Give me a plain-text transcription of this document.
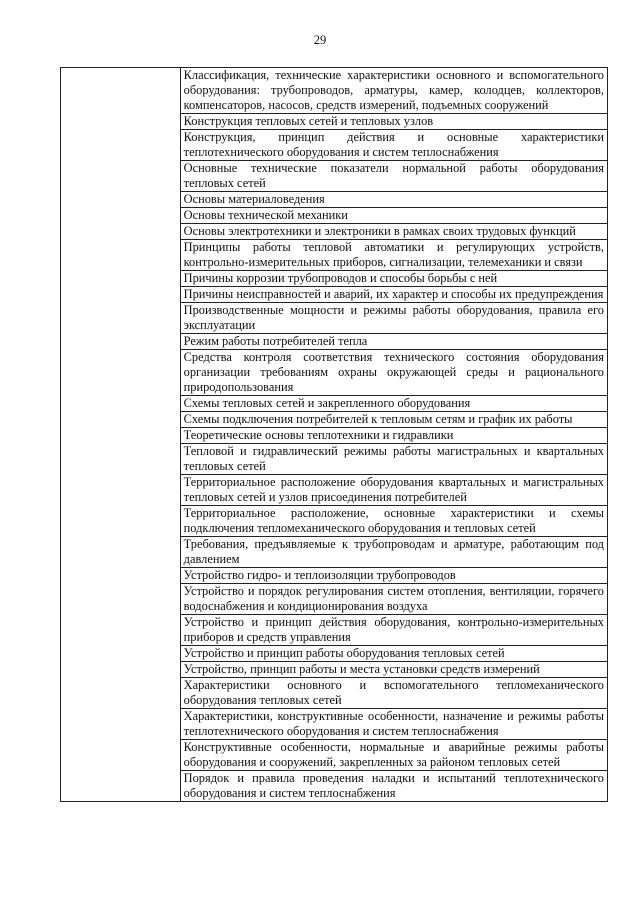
29
	Классификация, технические характеристики основного и вспомогательного оборудования: трубопроводов, арматуры, камер, колодцев, коллекторов, компенсаторов, насосов, средств измерений, подъемных сооружений
Конструкция тепловых сетей и тепловых узлов
Конструкция, принцип действия и основные характеристики теплотехнического оборудования и систем теплоснабжения
Основные технические показатели нормальной работы оборудования тепловых сетей
Основы материаловедения
Основы технической механики
Основы электротехники и электроники в рамках своих трудовых функций
Принципы работы тепловой автоматики и регулирующих устройств, контрольно-измерительных приборов, сигнализации, телемеханики и связи
Причины коррозии трубопроводов и способы борьбы с ней
Причины неисправностей и аварий, их характер и способы их предупреждения
Производственные мощности и режимы работы оборудования, правила его эксплуатации
Режим работы потребителей тепла
Средства контроля соответствия технического состояния оборудования организации требованиям охраны окружающей среды и рационального природопользования
Схемы тепловых сетей и закрепленного оборудования
Схемы подключения потребителей к тепловым сетям и график их работы
Теоретические основы теплотехники и гидравлики
Тепловой и гидравлический режимы работы магистральных и квартальных тепловых сетей
Территориальное расположение оборудования квартальных и магистральных тепловых сетей и узлов присоединения потребителей
Территориальное расположение, основные характеристики и схемы подключения тепломеханического оборудования и тепловых сетей
Требования, предъявляемые к трубопроводам и арматуре, работающим под давлением
Устройство гидро- и теплоизоляции трубопроводов
Устройство и порядок регулирования систем отопления, вентиляции, горячего водоснабжения и кондиционирования воздуха
Устройство и принцип действия оборудования, контрольно-измерительных приборов и средств управления
Устройство и принцип работы оборудования тепловых сетей
Устройство, принцип работы и места установки средств измерений
Характеристики основного и вспомогательного тепломеханического оборудования тепловых сетей
Характеристики, конструктивные особенности, назначение и режимы работы теплотехнического оборудования и систем теплоснабжения
Конструктивные особенности, нормальные и аварийные режимы работы оборудования и сооружений, закрепленных за районом тепловых сетей
Порядок и правила проведения наладки и испытаний теплотехнического оборудования и систем теплоснабжения
